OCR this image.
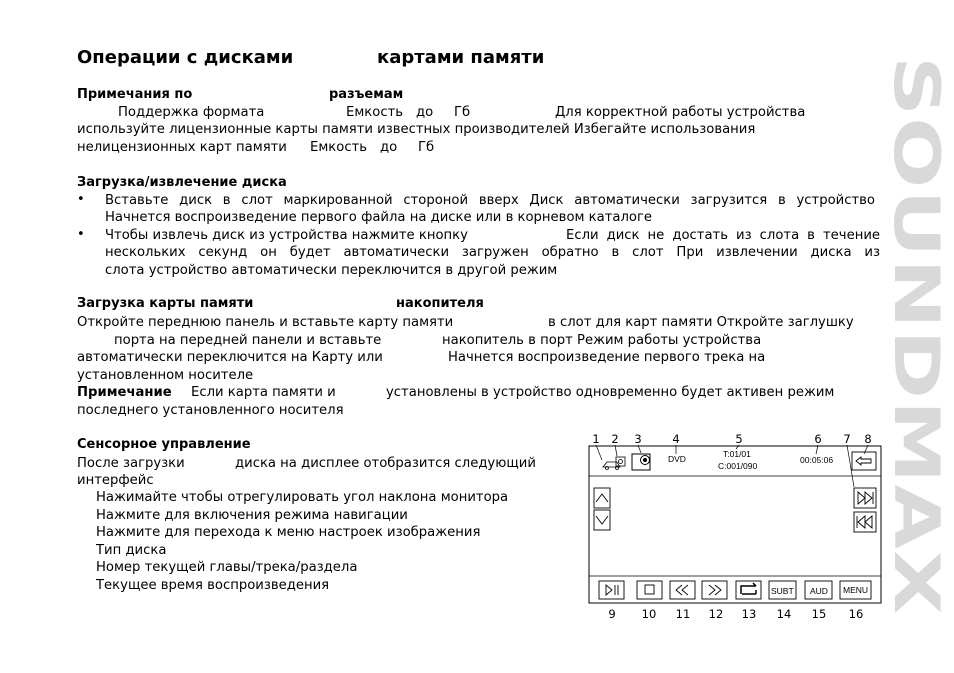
Операции с дисками	картами памяти
Примечания по	разъемам
Поддержка формата	Емкость до Гб	Для корректной работы устройства
используйте лицензионные карты памяти известных производителей Избегайте использования
нелицензионных карт памяти Емкость до Гб
Загрузка/извлечение диска
• Вставьте диск в слот маркированной стороной вверх Диск автоматически загрузится в устройство
Начнется воспроизведение первого файла на диске или в корневом каталоге
• Чтобы извлечь диск из устройства нажмите кнопку	Если диск не достать из слота в течение
нескольких секунд он будет автоматически загружен обратно в слот При извлечении диска из
слота устройство автоматически переключится в другой режим
Загрузка карты памяти	накопителя
Откройте переднюю панель и вставьте карту памяти	в слот для карт памяти Откройте заглушку
порта на передней панели и вставьте	накопитель в порт Режим работы устройства
автоматически переключится на Карту или	Начнется воспроизведение первого трека на
установленном носителе
Примечание Если карта памяти и	установлены в устройство одновременно будет активен режим
последнего установленного носителя
Сенсорное управление
После загрузки	диска на дисплее отобразится следующий
интерфейс
Нажимайте чтобы отрегулировать угол наклона монитора
Нажмите для включения режима навигации
Нажмите для перехода к меню настроек изображения
Тип диска
Номер текущей главы/трека/раздела
Текущее время воспроизведения
1 2 3	4	5	6 7 8
DVD	T:01/01
C:001/090
00:05:06
SUBT AUD MENU
9 10 11 12 13 14 15 16
SOUNDMAX
